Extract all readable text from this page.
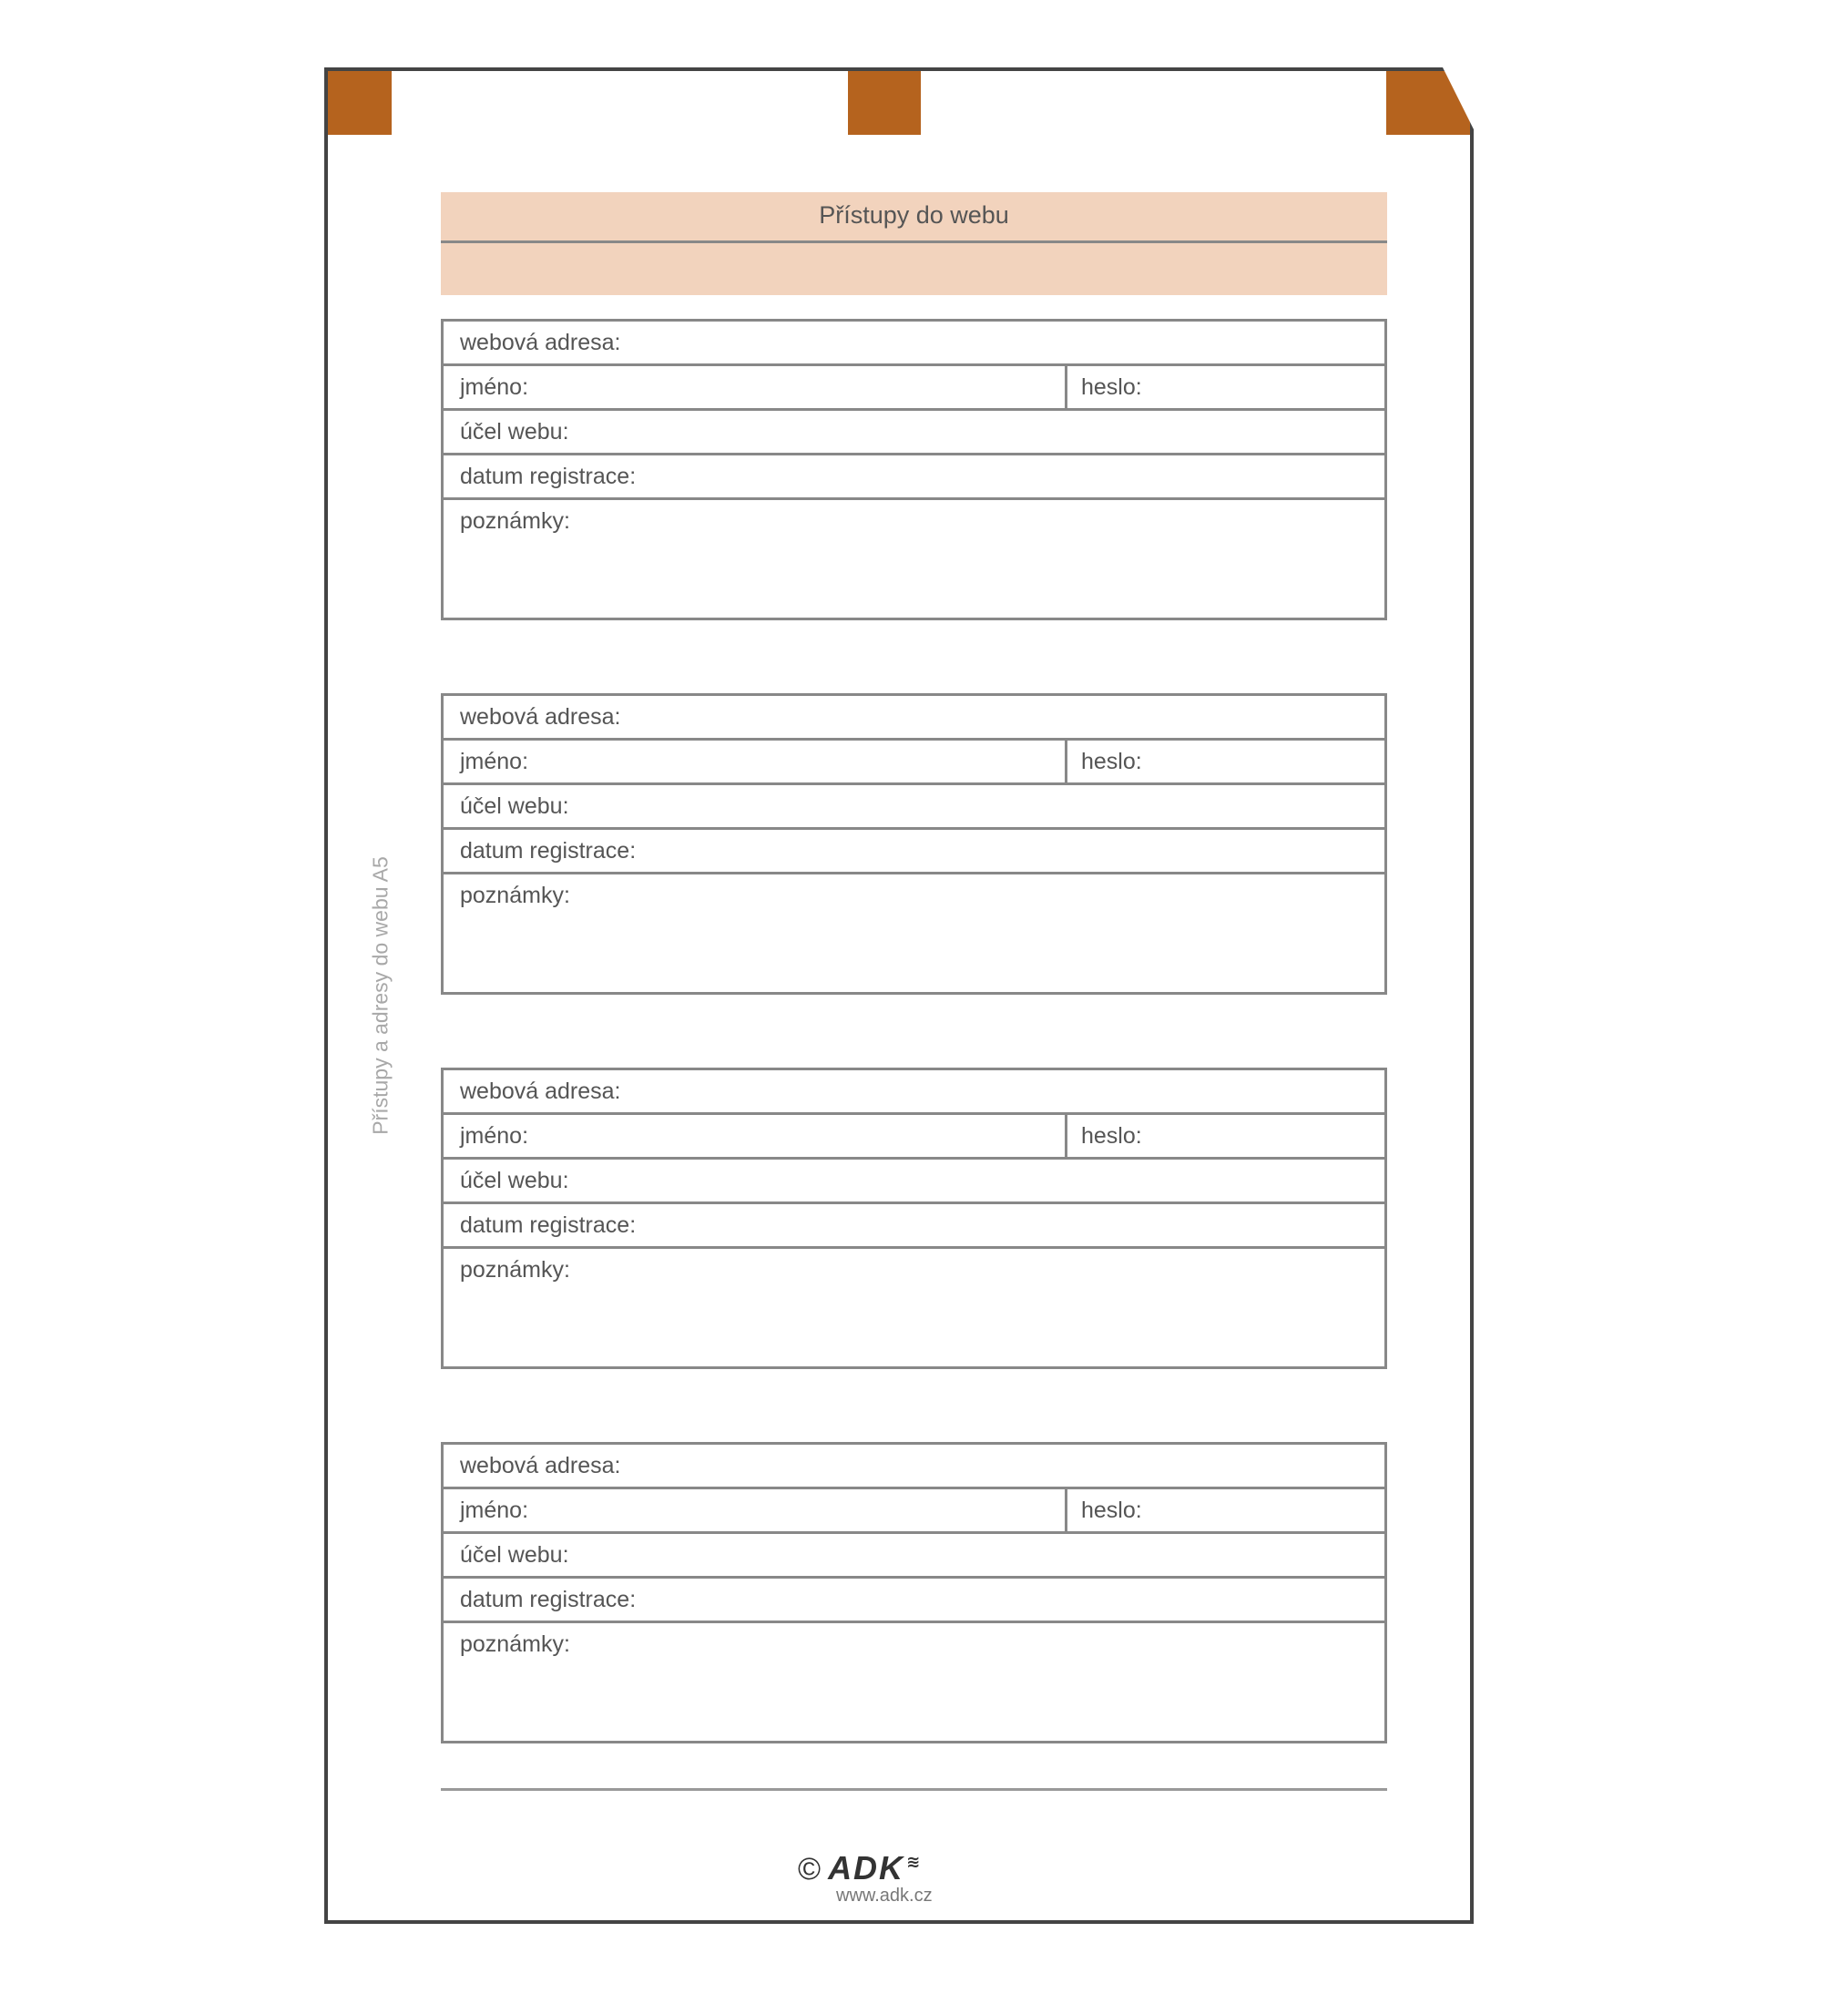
Přístupy do webu
Přístupy a adresy do webu A5
webová adresa:
jméno:	heslo:
účel webu:
datum registrace:
poznámky:
webová adresa:
jméno:	heslo:
účel webu:
datum registrace:
poznámky:
webová adresa:
jméno:	heslo:
účel webu:
datum registrace:
poznámky:
webová adresa:
jméno:	heslo:
účel webu:
datum registrace:
poznámky:
© ADK ≋
www.adk.cz
